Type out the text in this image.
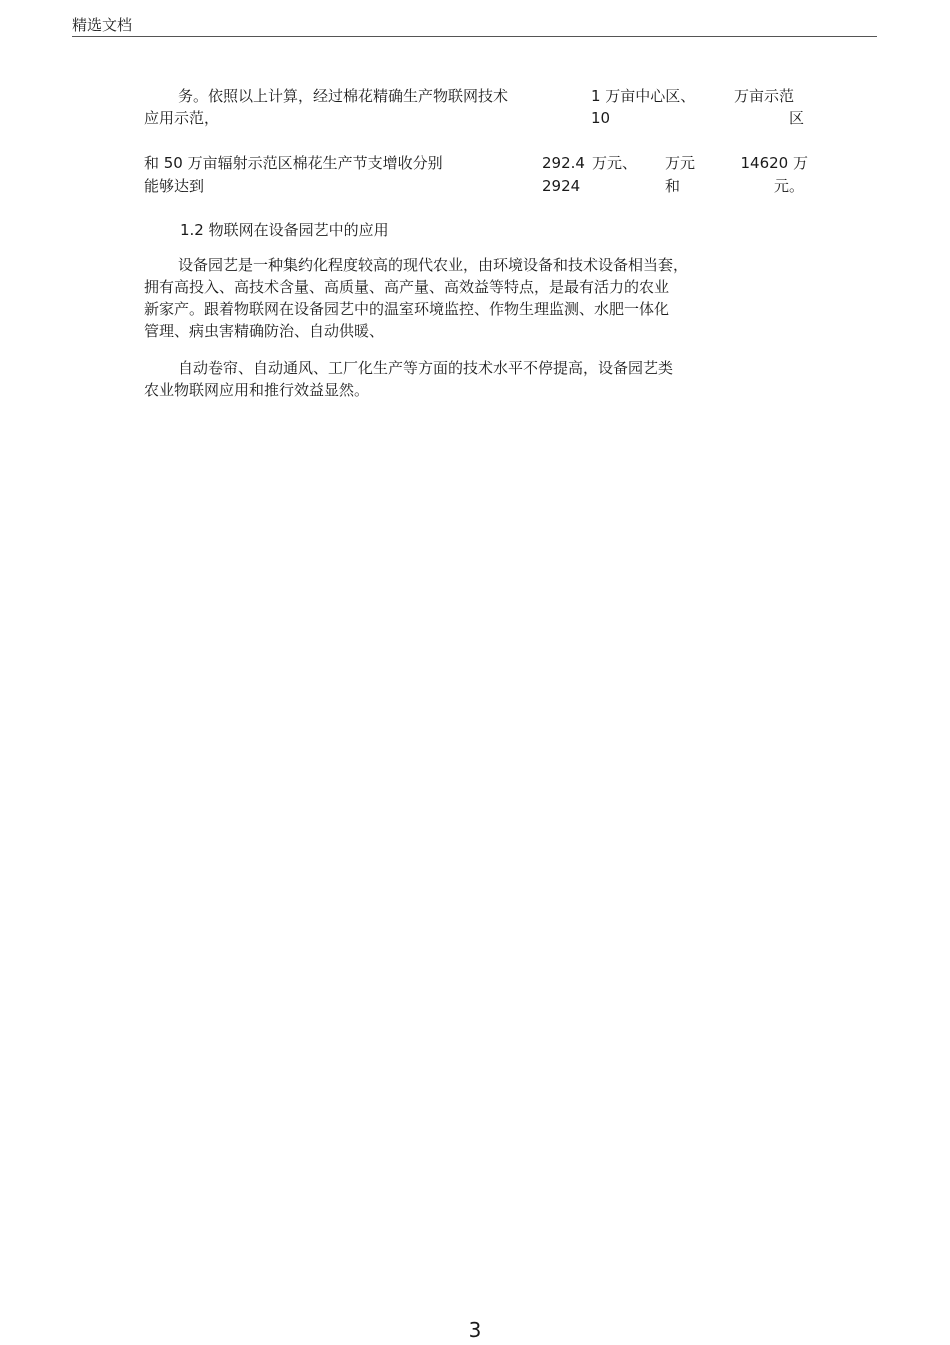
精选文档
务。依照以上计算，经过棉花精确生产物联网技术
应用示范，
1 万亩中心区、
10
万亩示范
区
和 50 万亩辐射示范区棉花生产节支增收分别
能够达到
292.4
2924
万元、 万元
和
14620 万
元。
1.2 物联网在设备园艺中的应用
设备园艺是一种集约化程度较高的现代农业，由环境设备和技术设备相当套，
拥有高投入、高技术含量、高质量、高产量、高效益等特点，是最有活力的农业
新家产。跟着物联网在设备园艺中的温室环境监控、作物生理监测、水肥一体化
管理、病虫害精确防治、自动供暖、
自动卷帘、自动通风、工厂化生产等方面的技术水平不停提高，设备园艺类
农业物联网应用和推行效益显然。
3
